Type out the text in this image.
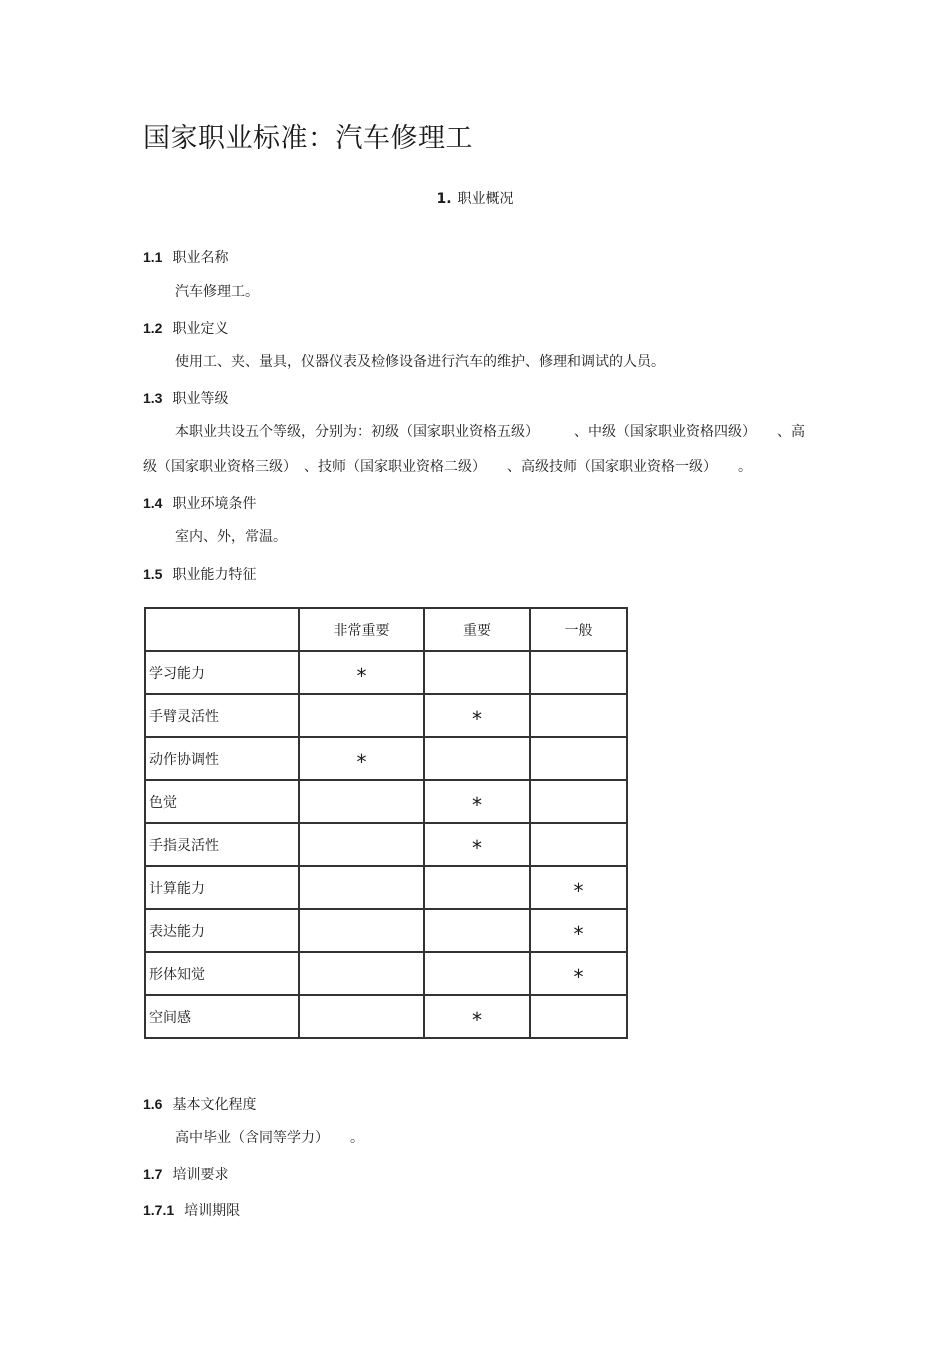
国家职业标准：汽车修理工
1. 职业概况
1.1 职业名称
汽车修理工。
1.2 职业定义
使用工、夹、量具，仪器仪表及检修设备进行汽车的维护、修理和调试的人员。
1.3 职业等级
本职业共设五个等级，分别为：初级（国家职业资格五级）　　　、中级（国家职业资格四级）　　、高
级（国家职业资格三级）　、技师（国家职业资格二级）　　、高级技师（国家职业资格一级）　　。
1.4 职业环境条件
室内、外，常温。
1.5 职业能力特征
	非常重要	重要	一般
学习能力	*		
手臂灵活性		*	
动作协调性	*		
色觉		*	
手指灵活性		*	
计算能力			*
表达能力			*
形体知觉			*
空间感		*	
1.6 基本文化程度
高中毕业（含同等学力）　　。
1.7 培训要求
1.7.1 培训期限
